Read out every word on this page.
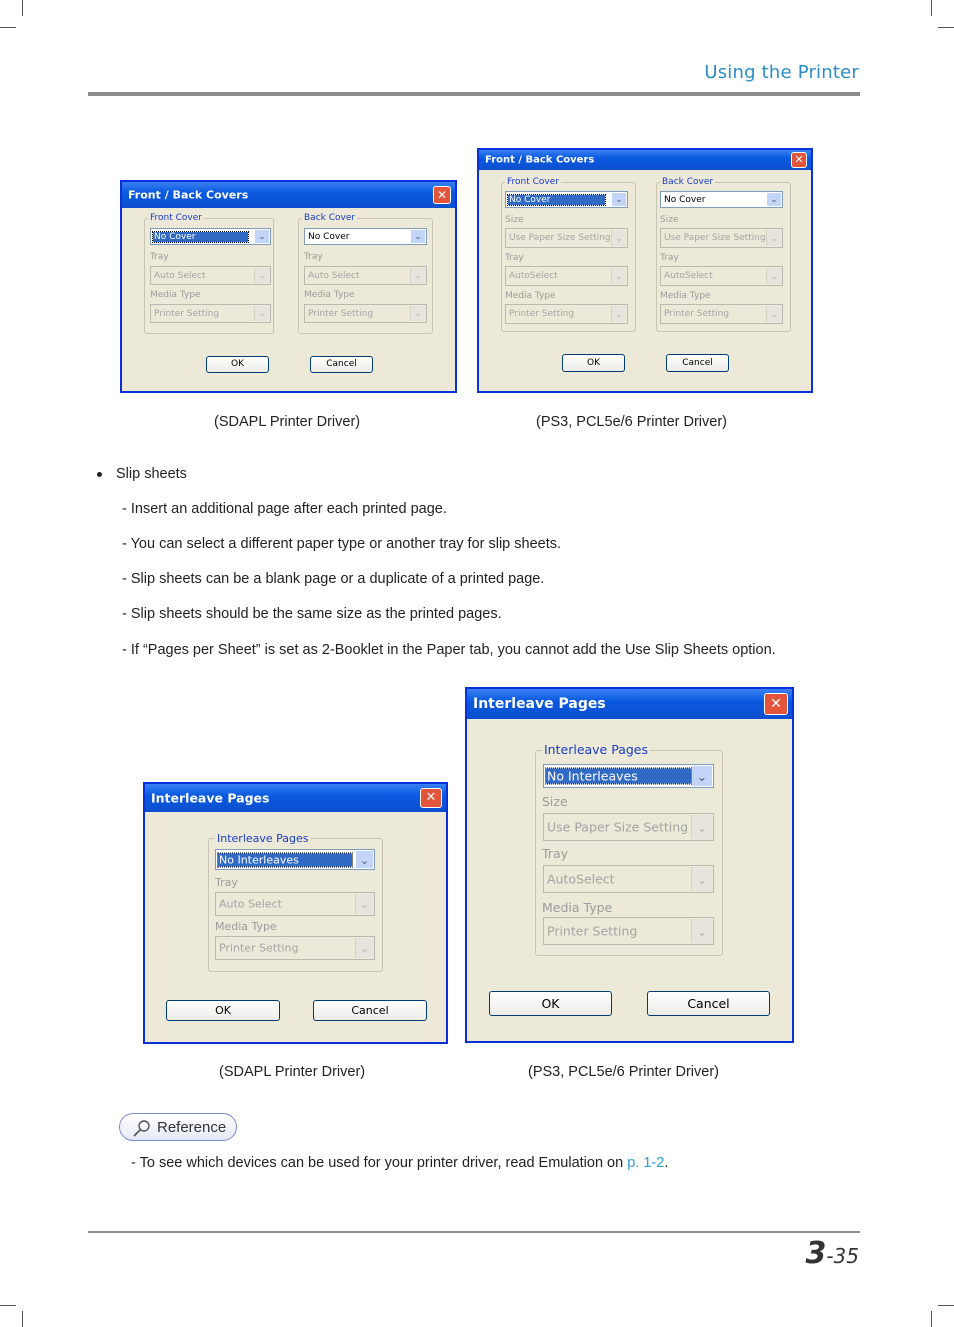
Using the Printer
Front / Back Covers	✕
Front Cover
No Cover	⌄
Tray
Auto Select	⌄
Media Type
Printer Setting	⌄
Back Cover
No Cover	⌄
Tray
Auto Select	⌄
Media Type
Printer Setting	⌄
OK	Cancel
Front / Back Covers	✕
Front Cover
No Cover	⌄
Size
Use Paper Size Setting ⌄
Tray
AutoSelect	⌄
Media Type
Printer Setting	⌄
Back Cover
No Cover	⌄
Size
Use Paper Size Setting ⌄
Tray
AutoSelect	⌄
Media Type
Printer Setting	⌄
OK	Cancel
(SDAPL Printer Driver)	(PS3, PCL5e/6 Printer Driver)
Slip sheets
- Insert an additional page after each printed page.
- You can select a different paper type or another tray for slip sheets.
- Slip sheets can be a blank page or a duplicate of a printed page.
- Slip sheets should be the same size as the printed pages.
- If “Pages per Sheet” is set as 2-Booklet in the Paper tab, you cannot add the Use Slip Sheets option.
Interleave Pages	✕
Interleave Pages
No Interleaves	⌄
Tray
Auto Select	⌄
Media Type
Printer Setting	⌄
OK	Cancel
Interleave Pages	✕
Interleave Pages
No Interleaves	⌄
Size
Use Paper Size Setting ⌄
Tray
AutoSelect	⌄
Media Type
Printer Setting	⌄
OK	Cancel
(SDAPL Printer Driver)	(PS3, PCL5e/6 Printer Driver)
Reference
- To see which devices can be used for your printer driver, read Emulation on p. 1-2.
3-35
